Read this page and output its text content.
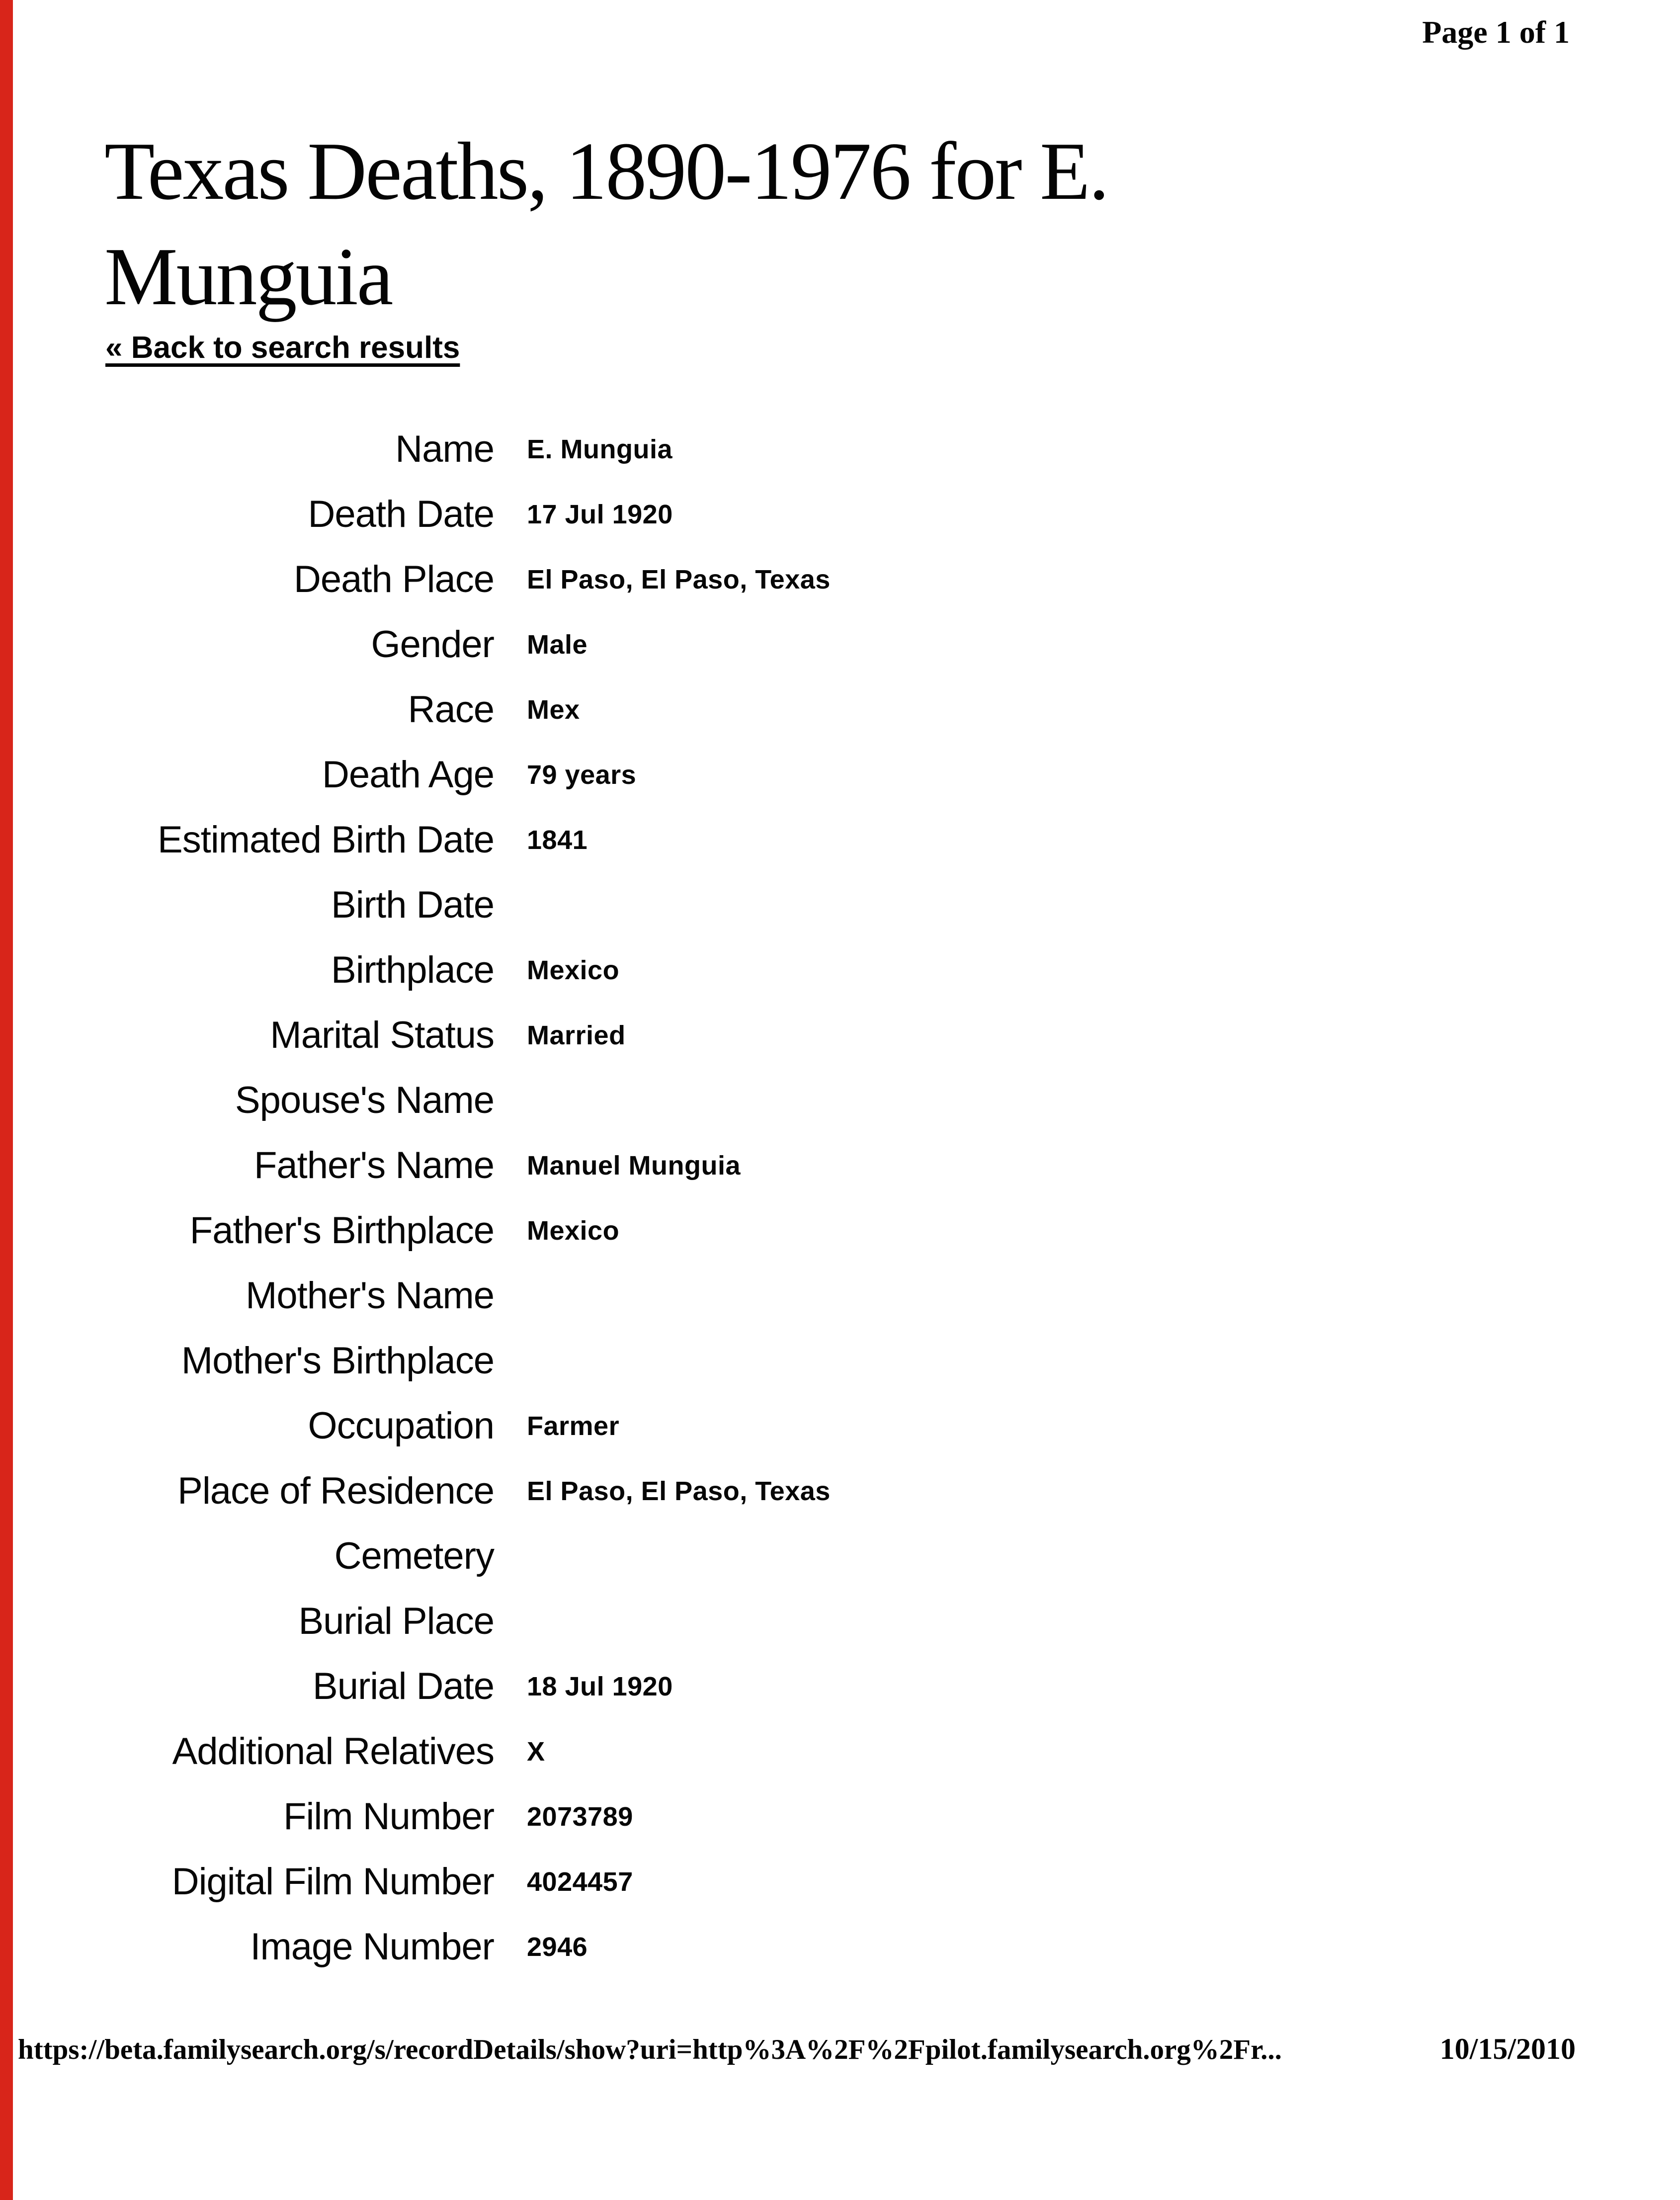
Page 1 of 1
Texas Deaths, 1890-1976 for E. Munguia
« Back to search results
Name E. Munguia
Death Date 17 Jul 1920
Death Place El Paso, El Paso, Texas
Gender Male
Race Mex
Death Age 79 years
Estimated Birth Date 1841
Birth Date
Birthplace Mexico
Marital Status Married
Spouse's Name
Father's Name Manuel Munguia
Father's Birthplace Mexico
Mother's Name
Mother's Birthplace
Occupation Farmer
Place of Residence El Paso, El Paso, Texas
Cemetery
Burial Place
Burial Date 18 Jul 1920
Additional Relatives X
Film Number 2073789
Digital Film Number 4024457
Image Number 2946
https://beta.familysearch.org/s/recordDetails/show?uri=http%3A%2F%2Fpilot.familysearch.org%2Fr...	10/15/2010
